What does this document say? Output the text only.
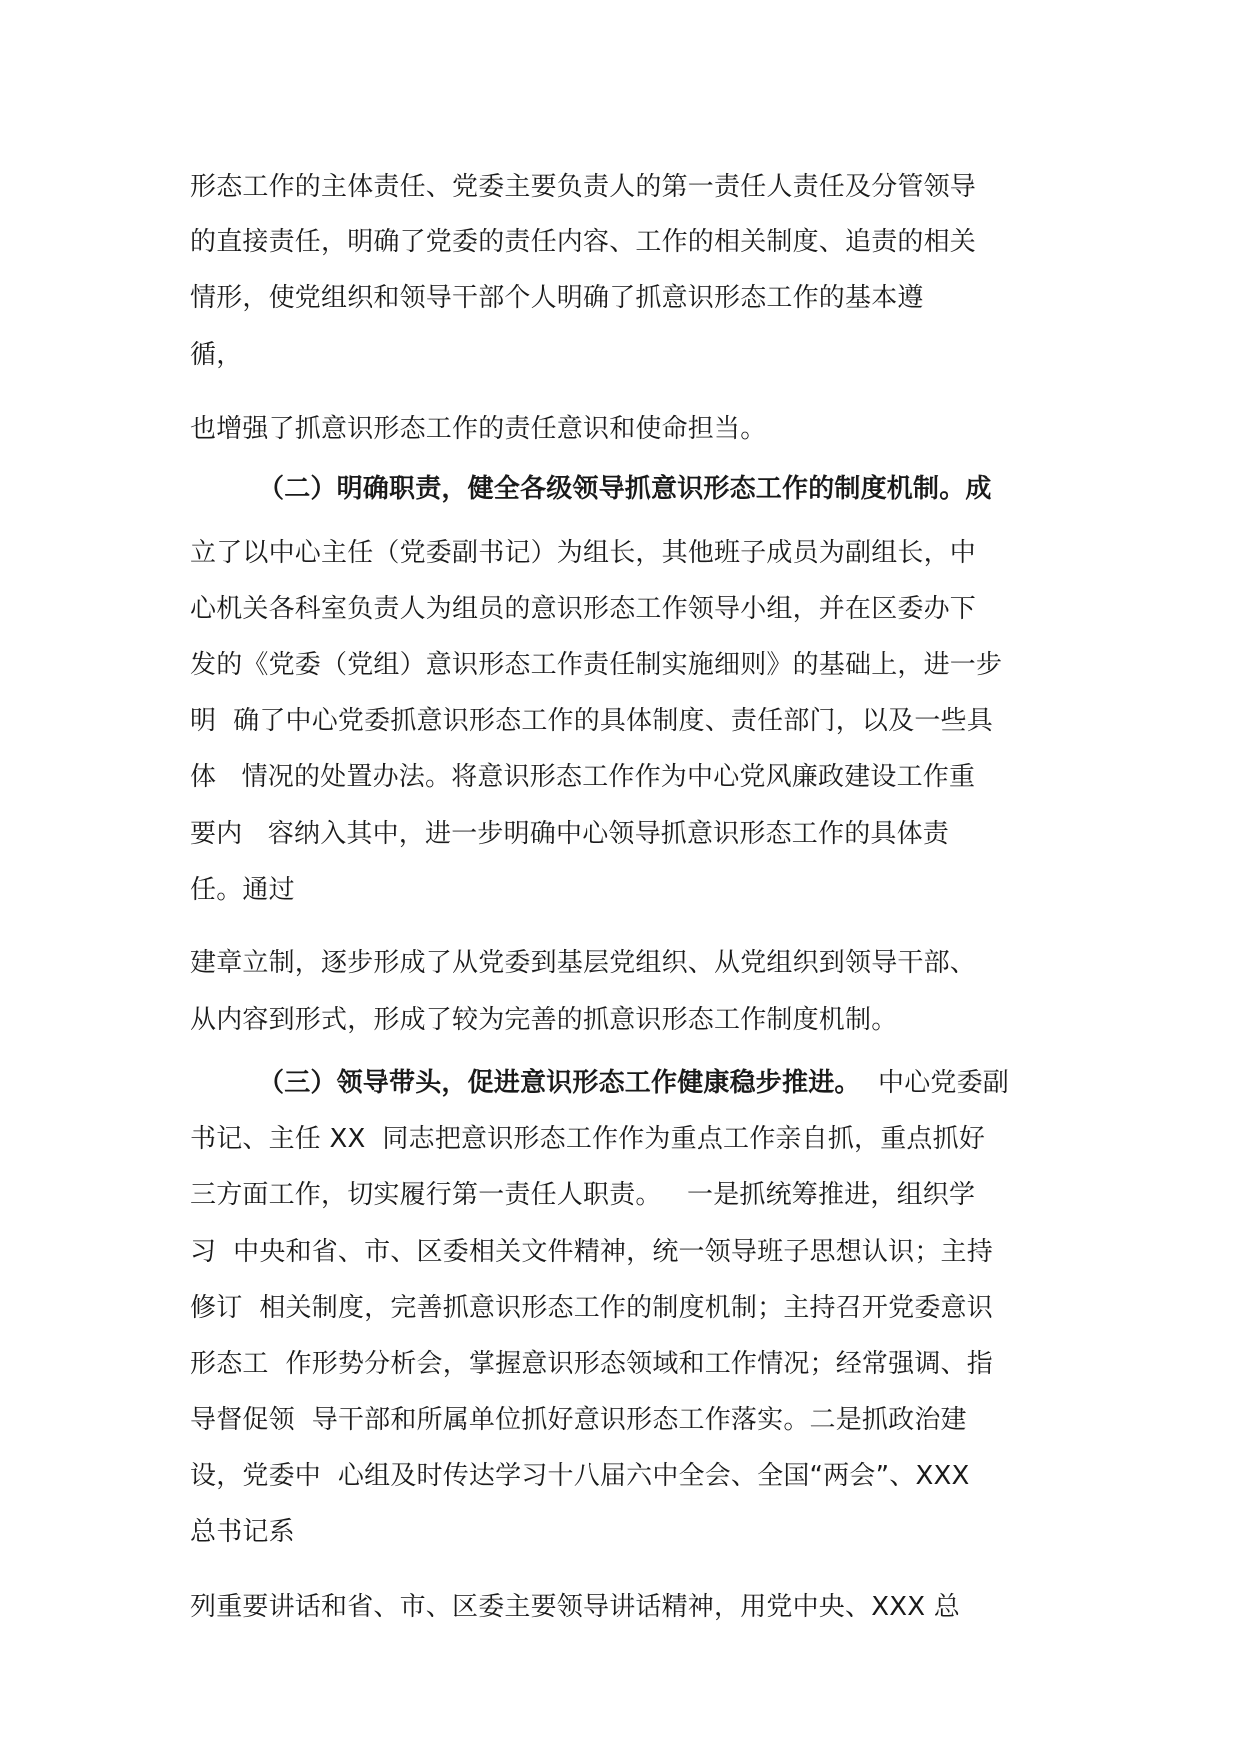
形态工作的主体责任、党委主要负责人的第一责任人责任及分管领导

的直接责任，明确了党委的责任内容、工作的相关制度、追责的相关

情形，使党组织和领导干部个人明确了抓意识形态工作的基本遵

循，

也增强了抓意识形态工作的责任意识和使命担当。

（二）明确职责，健全各级领导抓意识形态工作的制度机制。成

立了以中心主任（党委副书记）为组长，其他班子成员为副组长，中

心机关各科室负责人为组员的意识形态工作领导小组，并在区委办下

发的《党委（党组）意识形态工作责任制实施细则》的基础上，进一步

明  确了中心党委抓意识形态工作的具体制度、责任部门，以及一些具

体   情况的处置办法。将意识形态工作作为中心党风廉政建设工作重

要内   容纳入其中，进一步明确中心领导抓意识形态工作的具体责

任。通过

建章立制，逐步形成了从党委到基层党组织、从党组织到领导干部、

从内容到形式，形成了较为完善的抓意识形态工作制度机制。

（三）领导带头，促进意识形态工作健康稳步推进。 中心党委副

书记、主任 XX  同志把意识形态工作作为重点工作亲自抓，重点抓好

三方面工作，切实履行第一责任人职责。   一是抓统筹推进，组织学

习  中央和省、市、区委相关文件精神，统一领导班子思想认识；主持

修订  相关制度，完善抓意识形态工作的制度机制；主持召开党委意识

形态工  作形势分析会，掌握意识形态领域和工作情况；经常强调、指

导督促领  导干部和所属单位抓好意识形态工作落实。二是抓政治建

设，党委中  心组及时传达学习十八届六中全会、全国“两会”、XXX

总书记系

列重要讲话和省、市、区委主要领导讲话精神，用党中央、XXX 总
